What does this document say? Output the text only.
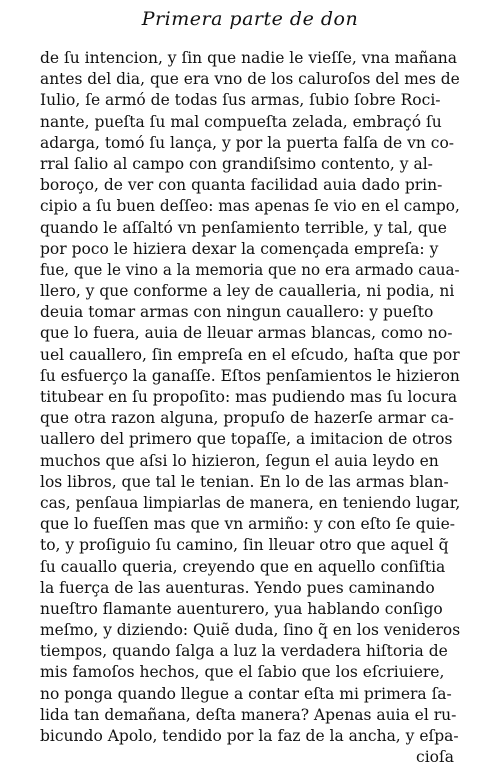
Primera parte de don
de ſu intencion, y ſin que nadie le vieſſe, vna mañana
antes del dia, que era vno de los caluroſos del mes de
Iulio, ſe armó de todas ſus armas, ſubio ſobre Roci-
nante, pueſta ſu mal compueſta zelada, embraçó ſu
adarga, tomó ſu lança, y por la puerta falſa de vn co-
rral ſalio al campo con grandiſsimo contento, y al-
boroço, de ver con quanta facilidad auia dado prin-
cipio a ſu buen deſſeo: mas apenas ſe vio en el campo,
quando le aſſaltó vn penſamiento terrible, y tal, que
por poco le hiziera dexar la començada empreſa: y
fue, que le vino a la memoria que no era armado caua-
llero, y que conforme a ley de caualleria, ni podia, ni
deuia tomar armas con ningun cauallero: y pueſto
que lo fuera, auia de lleuar armas blancas, como no-
uel cauallero, ſin empreſa en el eſcudo, haſta que por
ſu esfuerço la ganaſſe. Eſtos penſamientos le hizieron
titubear en ſu propoſito: mas pudiendo mas ſu locura
que otra razon alguna, propuſo de hazerſe armar ca-
uallero del primero que topaſſe, a imitacion de otros
muchos que aſsi lo hizieron, ſegun el auia leydo en
los libros, que tal le tenian. En lo de las armas blan-
cas, penſaua limpiarlas de manera, en teniendo lugar,
que lo fueſſen mas que vn armiño: y con eſto ſe quie-
to, y proſiguio ſu camino, ſin lleuar otro que aquel q̃
ſu cauallo queria, creyendo que en aquello conſiſtia
la fuerça de las auenturas. Yendo pues caminando
nueſtro flamante auenturero, yua hablando conſigo
meſmo, y diziendo: Quiẽ duda, ſino q̃ en los venideros
tiempos, quando ſalga a luz la verdadera hiſtoria de
mis famoſos hechos, que el ſabio que los eſcriuiere,
no ponga quando llegue a contar eſta mi primera ſa-
lida tan demañana, deſta manera? Apenas auia el ru-
bicundo Apolo, tendido por la faz de la ancha, y eſpa-
cioſa
